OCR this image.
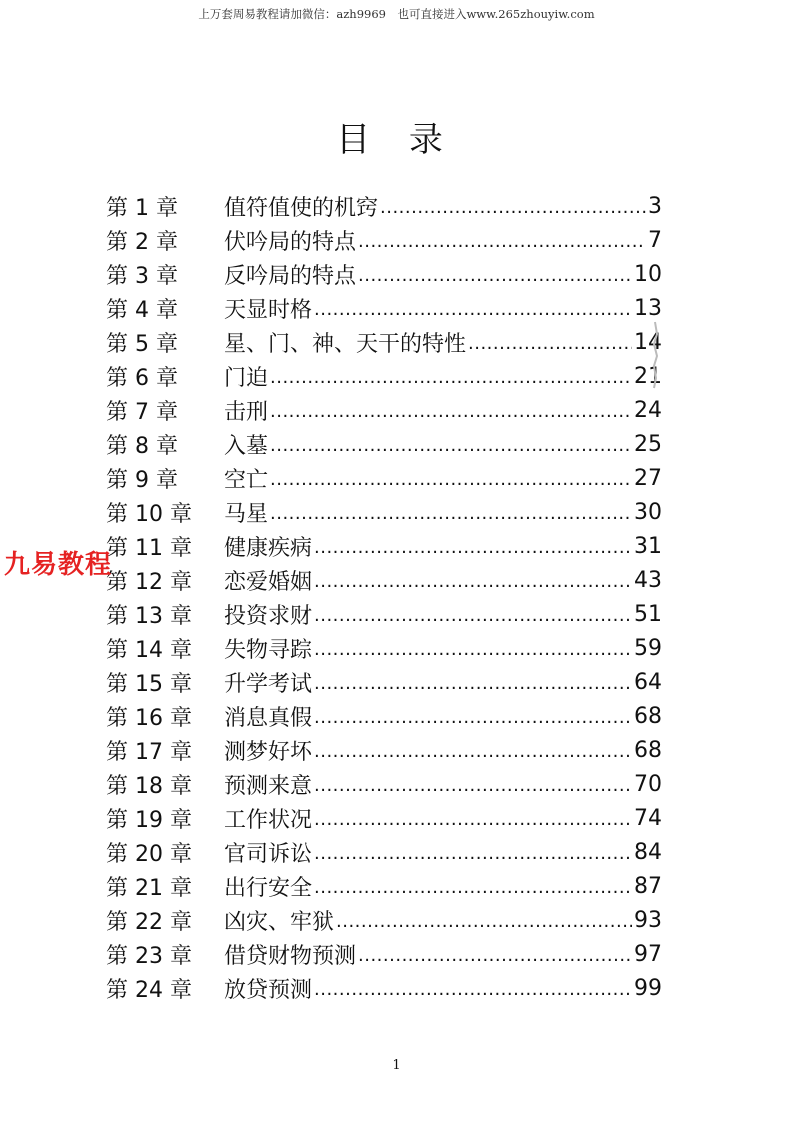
上万套周易教程请加微信：azh9969　也可直接进入www.265zhouyiw.com
目 录
第 1 章	值符值使的机窍 .....	3
第 2 章	伏吟局的特点 .....	7
第 3 章	反吟局的特点 .....	10
第 4 章	天显时格 .....	13
第 5 章	星、门、神、天干的特性 .....	14
第 6 章	门迫 .....	21
第 7 章	击刑 .....	24
第 8 章	入墓 .....	25
第 9 章	空亡 .....	27
第 10 章	马星 .....	30
第 11 章	健康疾病 .....	31
第 12 章	恋爱婚姻 .....	43
第 13 章	投资求财 .....	51
第 14 章	失物寻踪 .....	59
第 15 章	升学考试 .....	64
第 16 章	消息真假 .....	68
第 17 章	测梦好坏 .....	68
第 18 章	预测来意 .....	70
第 19 章	工作状况 .....	74
第 20 章	官司诉讼 .....	84
第 21 章	出行安全 .....	87
第 22 章	凶灾、牢狱 .....	93
第 23 章	借贷财物预测 .....	97
第 24 章	放贷预测 .....	99
九易教程
1
